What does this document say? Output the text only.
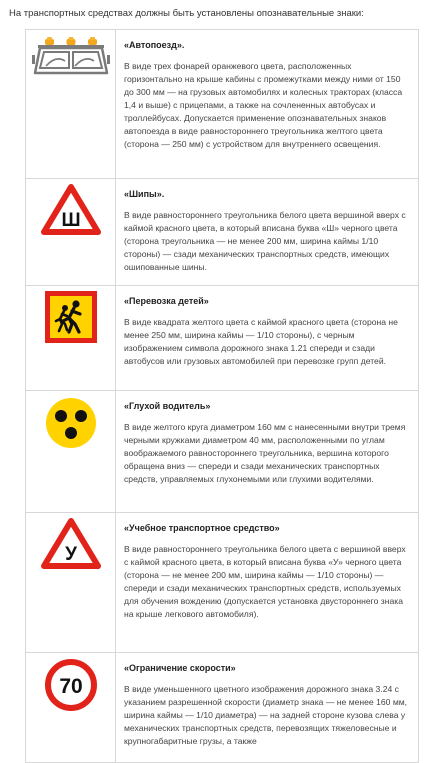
На транспортных средствах должны быть установлены опознавательные знаки:

«Автопоезд».
В виде трех фонарей оранжевого цвета, расположенных горизонтально на крыше кабины с промежутками между ними от 150 до 300 мм — на грузовых автомобилях и колесных тракторах (класса 1,4 и выше) с прицепами, а также на сочлененных автобусах и троллейбусах. Допускается применение опознавательных знаков автопоезда в виде равностороннего треугольника желтого цвета (сторона — 250 мм) с устройством для внутреннего освещения.

Ш	«Шипы».
В виде равностороннего треугольника белого цвета вершиной вверх с каймой красного цвета, в который вписана буква «Ш» черного цвета (сторона треугольника — не менее 200 мм, ширина каймы 1/10 стороны) — сзади механических транспортных средств, имеющих ошипованные шины.

«Перевозка детей»
В виде квадрата желтого цвета с каймой красного цвета (сторона не менее 250 мм, ширина каймы — 1/10 стороны), с черным изображением символа дорожного знака 1.21 спереди и сзади автобусов или грузовых автомобилей при перевозке групп детей.

«Глухой водитель»
В виде желтого круга диаметром 160 мм с нанесенными внутри тремя черными кружками диаметром 40 мм, расположенными по углам воображаемого равностороннего треугольника, вершина которого обращена вниз — спереди и сзади механических транспортных средств, управляемых глухонемыми или глухими водителями.

У	«Учебное транспортное средство»
В виде равностороннего треугольника белого цвета с вершиной вверх с каймой красного цвета, в который вписана буква «У» черного цвета (сторона — не менее 200 мм, ширина каймы — 1/10 стороны) — спереди и сзади механических транспортных средств, используемых для обучения вождению (допускается установка двустороннего знака на крыше легкового автомобиля).

70	«Ограничение скорости»
В виде уменьшенного цветного изображения дорожного знака 3.24 с указанием разрешенной скорости (диаметр знака — не менее 160 мм, ширина каймы — 1/10 диаметра) — на задней стороне кузова слева у механических транспортных средств, перевозящих тяжеловесные и крупногабаритные грузы, а также
